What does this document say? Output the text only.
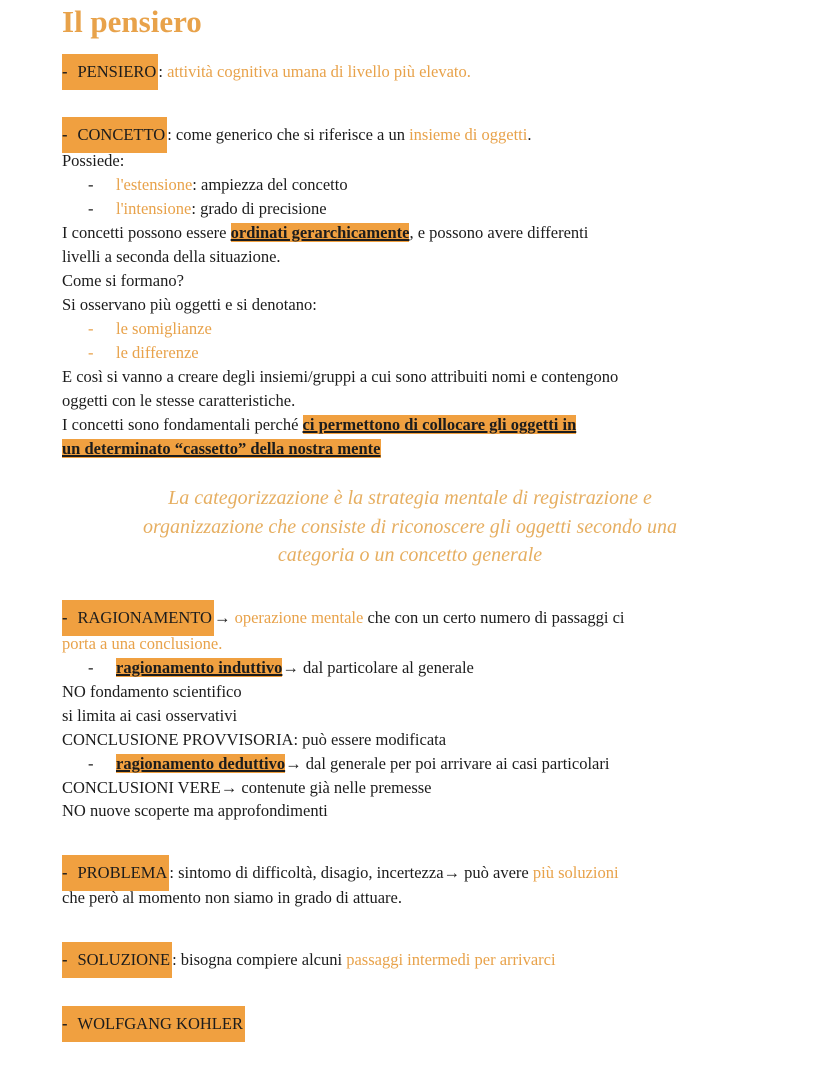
Il pensiero
- PENSIERO : attività cognitiva umana di livello più elevato.
- CONCETTO : come generico che si riferisce a un insieme di oggetti.
Possiede:
- l'estensione: ampiezza del concetto
- l'intensione: grado di precisione
I concetti possono essere ordinati gerarchicamente, e possono avere differenti
livelli a seconda della situazione.
Come si formano?
Si osservano più oggetti e si denotano:
- le somiglianze
- le differenze
E così si vanno a creare degli insiemi/gruppi a cui sono attribuiti nomi e contengono
oggetti con le stesse caratteristiche.
I concetti sono fondamentali perché ci permettono di collocare gli oggetti in
un determinato “cassetto” della nostra mente
La categorizzazione è la strategia mentale di registrazione e
organizzazione che consiste di riconoscere gli oggetti secondo una
categoria o un concetto generale
- RAGIONAMENTO → operazione mentale che con un certo numero di passaggi ci
porta a una conclusione.
- ragionamento induttivo→ dal particolare al generale
NO fondamento scientifico
si limita ai casi osservativi
CONCLUSIONE PROVVISORIA: può essere modificata
- ragionamento deduttivo→ dal generale per poi arrivare ai casi particolari
CONCLUSIONI VERE→ contenute già nelle premesse
NO nuove scoperte ma approfondimenti
- PROBLEMA : sintomo di difficoltà, disagio, incertezza→ può avere più soluzioni
che però al momento non siamo in grado di attuare.
- SOLUZIONE : bisogna compiere alcuni passaggi intermedi per arrivarci
- WOLFGANG KOHLER
